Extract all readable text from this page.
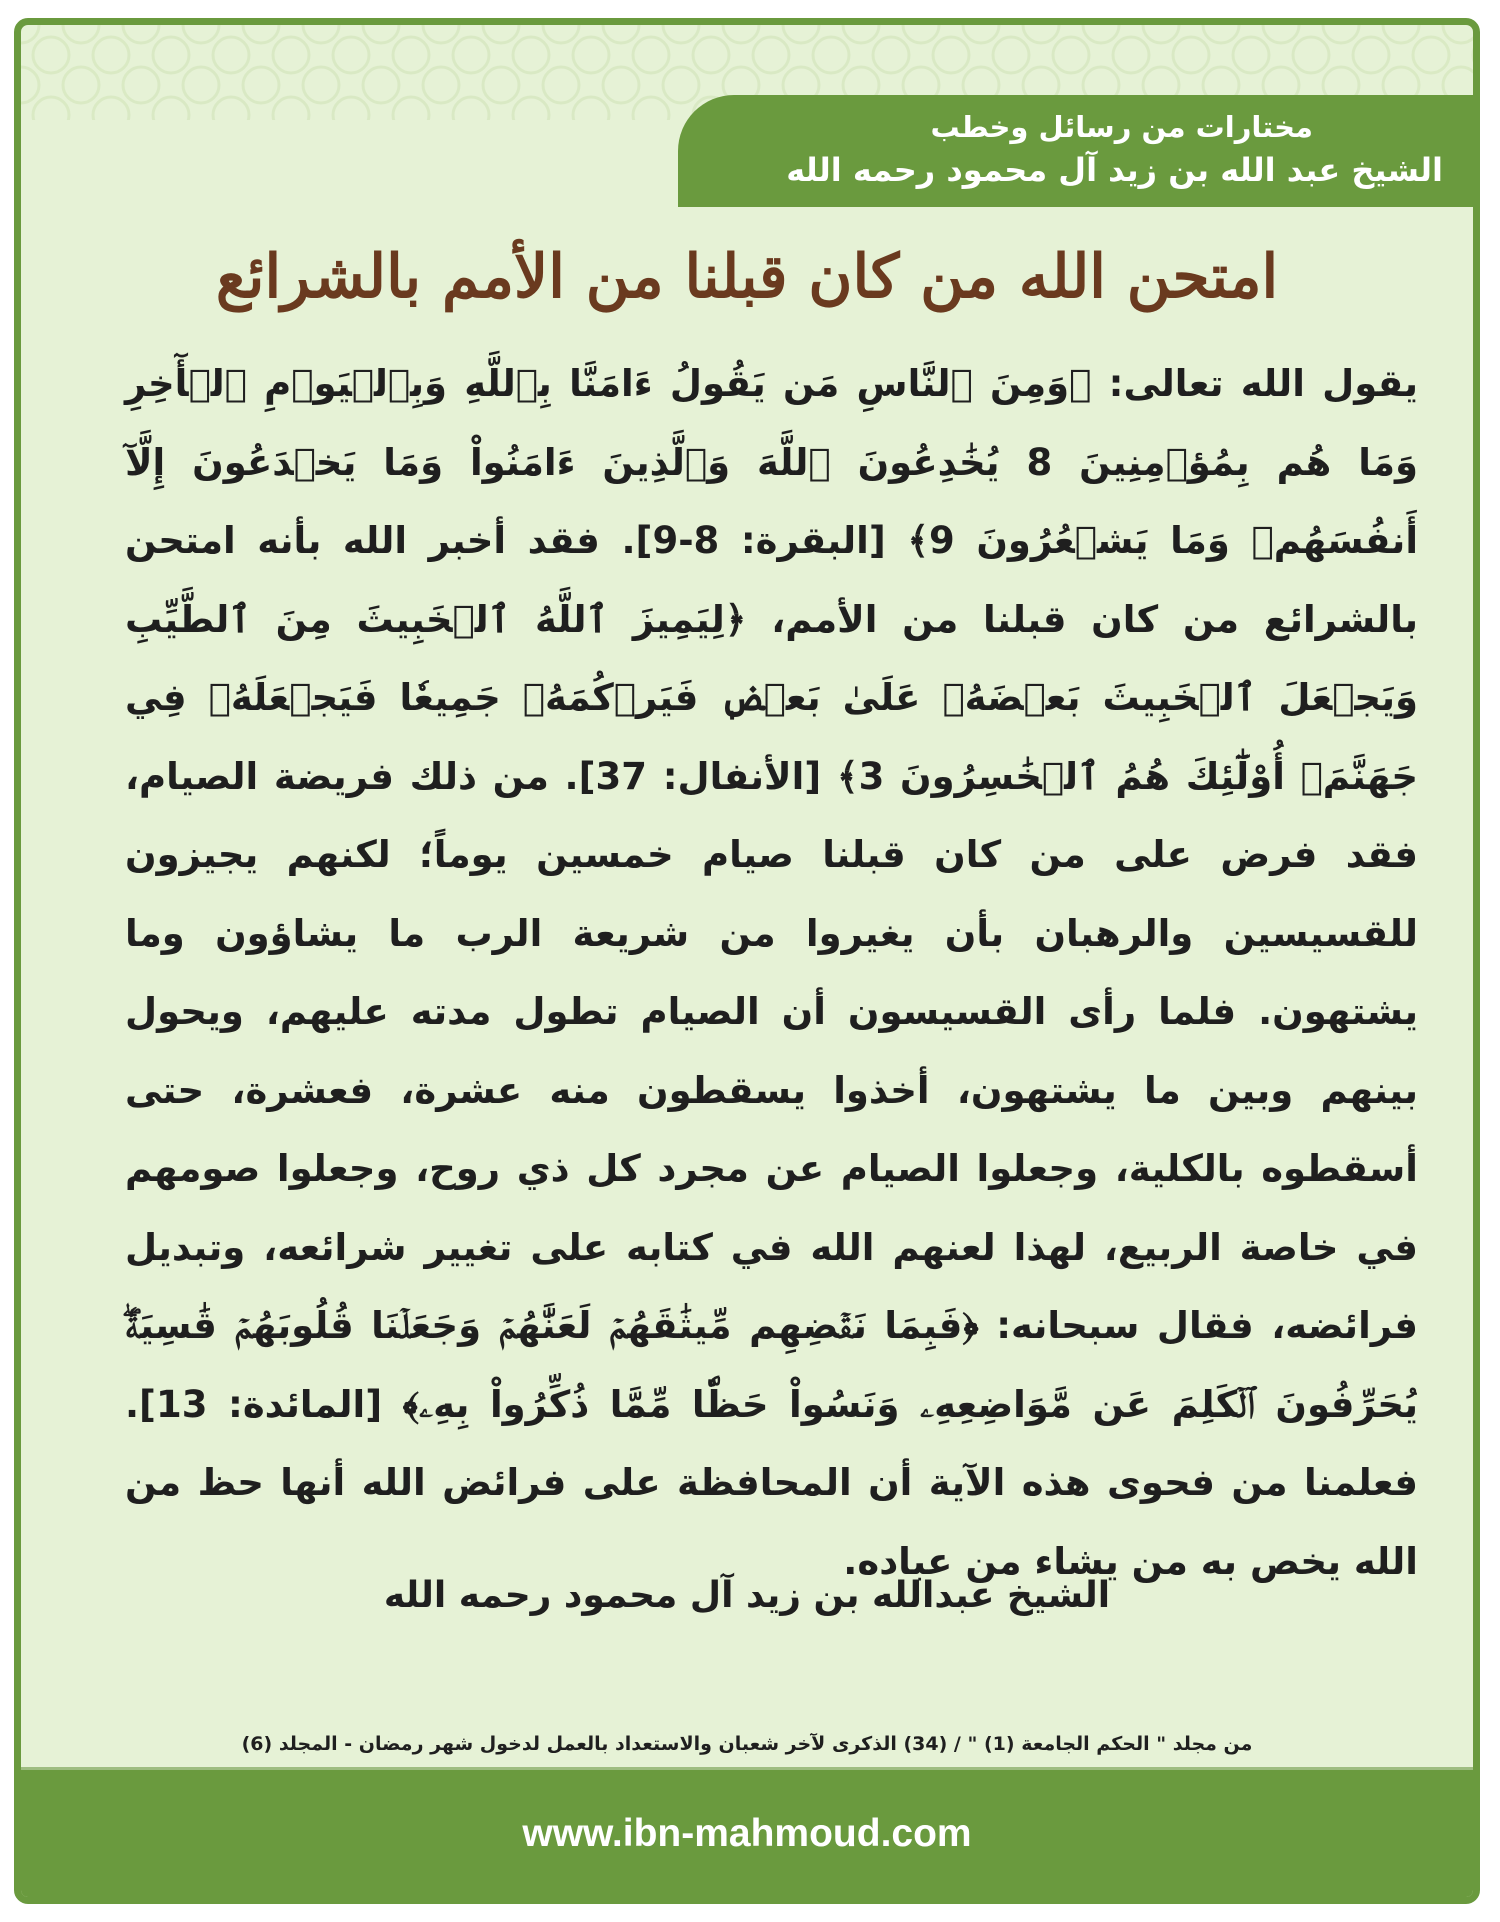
مختارات من رسائل وخطب
الشيخ عبد الله بن زيد آل محمود رحمه الله
امتحن الله من كان قبلنا من الأمم بالشرائع
يقول الله تعالى: ﴿وَمِنَ ٱلنَّاسِ مَن يَقُولُ ءَامَنَّا بِٱللَّهِ وَبِٱلۡيَوۡمِ ٱلۡأٓخِرِ وَمَا هُم بِمُؤۡمِنِينَ 8 يُخَٰدِعُونَ ٱللَّهَ وَٱلَّذِينَ ءَامَنُواْ وَمَا يَخۡدَعُونَ إِلَّآ أَنفُسَهُمۡ وَمَا يَشۡعُرُونَ 9﴾ [البقرة: 8-9]. فقد أخبر الله بأنه امتحن بالشرائع من كان قبلنا من الأمم، ﴿لِيَمِيزَ ٱللَّهُ ٱلۡخَبِيثَ مِنَ ٱلطَّيِّبِ وَيَجۡعَلَ ٱلۡخَبِيثَ بَعۡضَهُۥ عَلَىٰ بَعۡضٖ فَيَرۡكُمَهُۥ جَمِيعٗا فَيَجۡعَلَهُۥ فِي جَهَنَّمَۚ أُوْلَٰٓئِكَ هُمُ ٱلۡخَٰسِرُونَ 3﴾ [الأنفال: 37]. من ذلك فريضة الصيام، فقد فرض على من كان قبلنا صيام خمسين يوماً؛ لكنهم يجيزون للقسيسين والرهبان بأن يغيروا من شريعة الرب ما يشاؤون وما يشتهون. فلما رأى القسيسون أن الصيام تطول مدته عليهم، ويحول بينهم وبين ما يشتهون، أخذوا يسقطون منه عشرة، فعشرة، حتى أسقطوه بالكلية، وجعلوا الصيام عن مجرد كل ذي روح، وجعلوا صومهم في خاصة الربيع، لهذا لعنهم الله في كتابه على تغيير شرائعه، وتبديل فرائضه، فقال سبحانه: ﴿فَبِمَا نَقۡضِهِم مِّيثَٰقَهُمۡ لَعَنَّٰهُمۡ وَجَعَلۡنَا قُلُوبَهُمۡ قَٰسِيَةٗۖ يُحَرِّفُونَ ٱلۡكَلِمَ عَن مَّوَاضِعِهِۦ وَنَسُواْ حَظّٗا مِّمَّا ذُكِّرُواْ بِهِۦ﴾ [المائدة: 13]. فعلمنا من فحوى هذه الآية أن المحافظة على فرائض الله أنها حظ من الله يخص به من يشاء من عباده.
الشيخ عبدالله بن زيد آل محمود رحمه الله
من مجلد " الحكم الجامعة (1) " / (34) الذكرى لآخر شعبان والاستعداد بالعمل لدخول شهر رمضان - المجلد (6)
www.ibn-mahmoud.com
